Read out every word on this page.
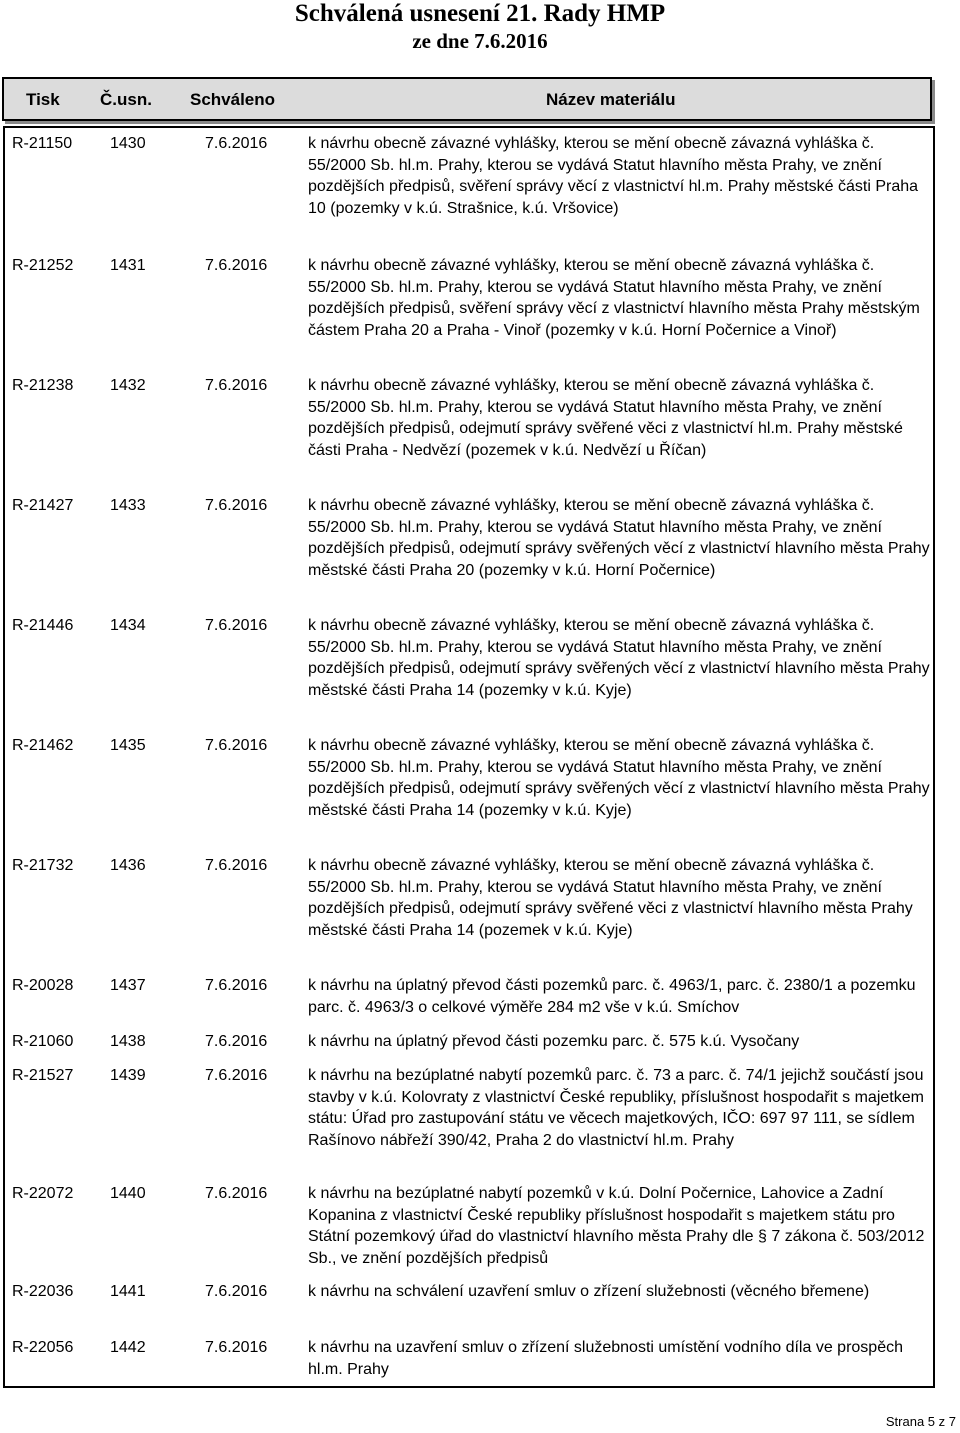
Schválená usnesení 21. Rady HMP
ze dne 7.6.2016
Tisk Č.usn. Schváleno	Název materiálu
R-21150 1430	7.6.2016	k návrhu obecně závazné vyhlášky, kterou se mění obecně závazná vyhláška č. 55/2000 Sb. hl.m. Prahy, kterou se vydává Statut hlavního města Prahy, ve znění pozdějších předpisů, svěření správy věcí z vlastnictví hl.m. Prahy městské části Praha 10 (pozemky v k.ú. Strašnice, k.ú. Vršovice)
R-21252 1431	7.6.2016	k návrhu obecně závazné vyhlášky, kterou se mění obecně závazná vyhláška č. 55/2000 Sb. hl.m. Prahy, kterou se vydává Statut hlavního města Prahy, ve znění pozdějších předpisů, svěření správy věcí z vlastnictví hlavního města Prahy městským částem Praha 20 a Praha - Vinoř (pozemky v k.ú. Horní Počernice a Vinoř)
R-21238 1432	7.6.2016	k návrhu obecně závazné vyhlášky, kterou se mění obecně závazná vyhláška č. 55/2000 Sb. hl.m. Prahy, kterou se vydává Statut hlavního města Prahy, ve znění pozdějších předpisů, odejmutí správy svěřené věci z vlastnictví hl.m. Prahy městské části Praha - Nedvězí (pozemek v k.ú. Nedvězí u Říčan)
R-21427 1433	7.6.2016	k návrhu obecně závazné vyhlášky, kterou se mění obecně závazná vyhláška č. 55/2000 Sb. hl.m. Prahy, kterou se vydává Statut hlavního města Prahy, ve znění pozdějších předpisů, odejmutí správy svěřených věcí z vlastnictví hlavního města Prahy městské části Praha 20 (pozemky v k.ú. Horní Počernice)
R-21446 1434	7.6.2016	k návrhu obecně závazné vyhlášky, kterou se mění obecně závazná vyhláška č. 55/2000 Sb. hl.m. Prahy, kterou se vydává Statut hlavního města Prahy, ve znění pozdějších předpisů, odejmutí správy svěřených věcí z vlastnictví hlavního města Prahy městské části Praha 14 (pozemky v k.ú. Kyje)
R-21462 1435	7.6.2016	k návrhu obecně závazné vyhlášky, kterou se mění obecně závazná vyhláška č. 55/2000 Sb. hl.m. Prahy, kterou se vydává Statut hlavního města Prahy, ve znění pozdějších předpisů, odejmutí správy svěřených věcí z vlastnictví hlavního města Prahy městské části Praha 14 (pozemky v k.ú. Kyje)
R-21732 1436	7.6.2016	k návrhu obecně závazné vyhlášky, kterou se mění obecně závazná vyhláška č. 55/2000 Sb. hl.m. Prahy, kterou se vydává Statut hlavního města Prahy, ve znění pozdějších předpisů, odejmutí správy svěřené věci z vlastnictví hlavního města Prahy městské části Praha 14 (pozemek v k.ú. Kyje)
R-20028 1437	7.6.2016	k návrhu na úplatný převod části pozemků parc. č. 4963/1, parc. č. 2380/1 a pozemku parc. č. 4963/3 o celkové výměře 284 m2 vše v k.ú. Smíchov
R-21060 1438	7.6.2016	k návrhu na úplatný převod části pozemku parc. č. 575 k.ú. Vysočany
R-21527 1439	7.6.2016	k návrhu na bezúplatné nabytí pozemků parc. č. 73 a parc. č. 74/1 jejichž součástí jsou stavby v k.ú. Kolovraty z vlastnictví České republiky, příslušnost hospodařit s majetkem státu: Úřad pro zastupování státu ve věcech majetkových, IČO: 697 97 111, se sídlem Rašínovo nábřeží 390/42, Praha 2 do vlastnictví hl.m. Prahy
R-22072 1440	7.6.2016	k návrhu na bezúplatné nabytí pozemků v k.ú. Dolní Počernice, Lahovice a Zadní Kopanina z vlastnictví České republiky příslušnost hospodařit s majetkem státu pro Státní pozemkový úřad do vlastnictví hlavního města Prahy dle § 7 zákona č. 503/2012 Sb., ve znění pozdějších předpisů
R-22036 1441	7.6.2016	k návrhu na schválení uzavření smluv o zřízení služebnosti (věcného břemene)
R-22056 1442	7.6.2016	k návrhu na uzavření smluv o zřízení služebnosti umístění vodního díla ve prospěch hl.m. Prahy
Strana 5 z 7
